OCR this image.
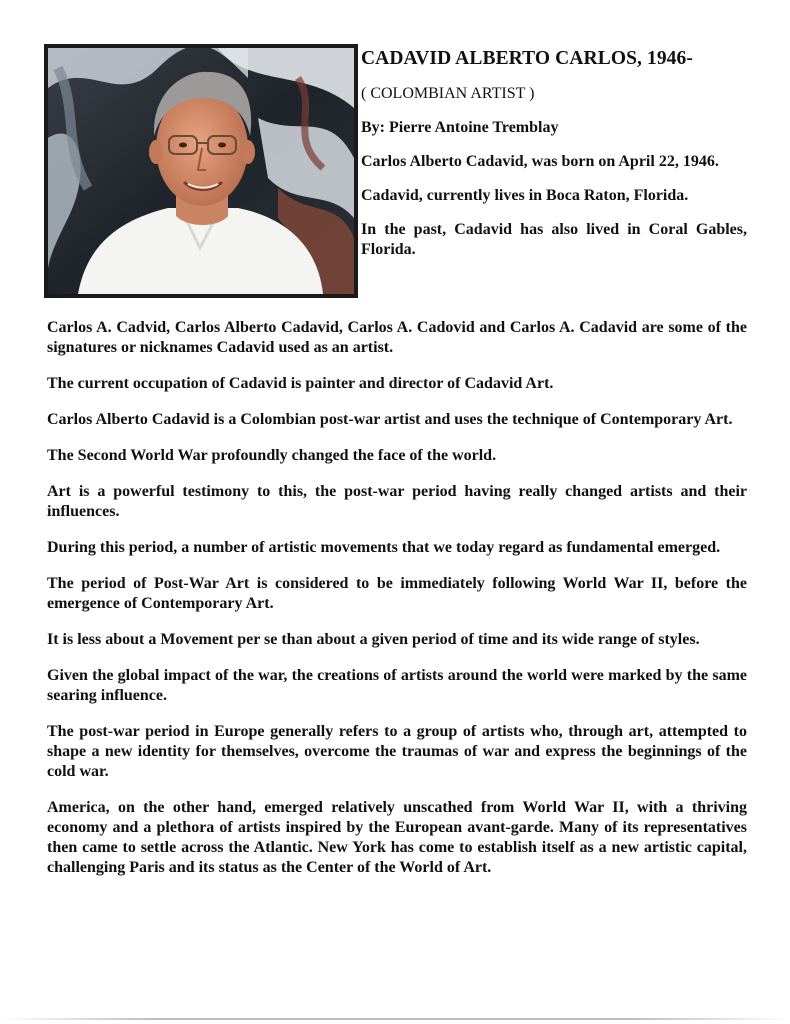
CADAVID ALBERTO CARLOS, 1946-

( COLOMBIAN ARTIST )

By: Pierre Antoine Tremblay

Carlos Alberto Cadavid, was born on April 22, 1946.

Cadavid, currently lives in Boca Raton, Florida.

In the past, Cadavid has also lived in Coral Gables, Florida.

Carlos A. Cadvid, Carlos Alberto Cadavid, Carlos A. Cadovid and Carlos A. Cadavid are some of the signatures or nicknames Cadavid used as an artist.

The current occupation of Cadavid is painter and director of Cadavid Art.

Carlos Alberto Cadavid is a Colombian post-war artist and uses the technique of Contemporary Art.

The Second World War profoundly changed the face of the world.

Art is a powerful testimony to this, the post-war period having really changed artists and their influences.

During this period, a number of artistic movements that we today regard as fundamental emerged.

The period of Post-War Art is considered to be immediately following World War II, before the emergence of Contemporary Art.

It is less about a Movement per se than about a given period of time and its wide range of styles.

Given the global impact of the war, the creations of artists around the world were marked by the same searing influence.

The post-war period in Europe generally refers to a group of artists who, through art, attempted to shape a new identity for themselves, overcome the traumas of war and express the beginnings of the cold war.

America, on the other hand, emerged relatively unscathed from World War II, with a thriving economy and a plethora of artists inspired by the European avant-garde. Many of its representatives then came to settle across the Atlantic. New York has come to establish itself as a new artistic capital, challenging Paris and its status as the Center of the World of Art.
